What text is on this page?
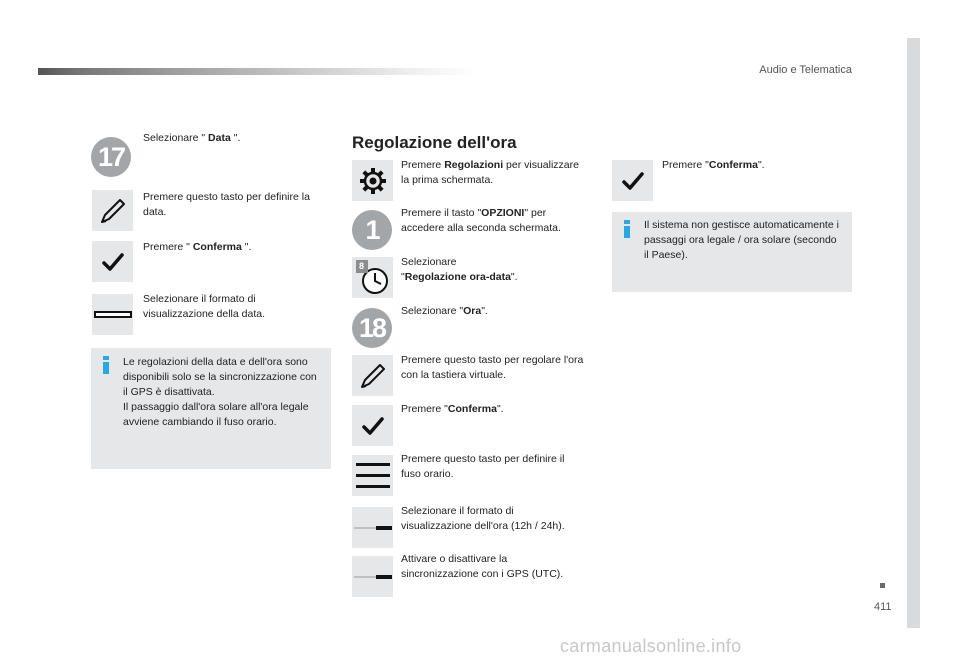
Audio e Telematica
17
Selezionare " Data ".
Premere questo tasto per definire la data.
Premere " Conferma ".
Selezionare il formato di visualizzazione della data.
Le regolazioni della data e dell'ora sono disponibili solo se la sincronizzazione con il GPS è disattivata.
Il passaggio dall'ora solare all'ora legale avviene cambiando il fuso orario.
Regolazione dell'ora
Premere Regolazioni per visualizzare la prima schermata.
1
Premere il tasto "OPZIONI" per accedere alla seconda schermata.
8	Selezionare
"Regolazione ora-data".
18
Selezionare "Ora".
Premere questo tasto per regolare l'ora con la tastiera virtuale.
Premere "Conferma".
Premere questo tasto per definire il fuso orario.
Selezionare il formato di visualizzazione dell'ora (12h / 24h).
Attivare o disattivare la sincronizzazione con i GPS (UTC).
Premere "Conferma".
Il sistema non gestisce automaticamente i passaggi ora legale / ora solare (secondo il Paese).
411
carmanualsonline.info
